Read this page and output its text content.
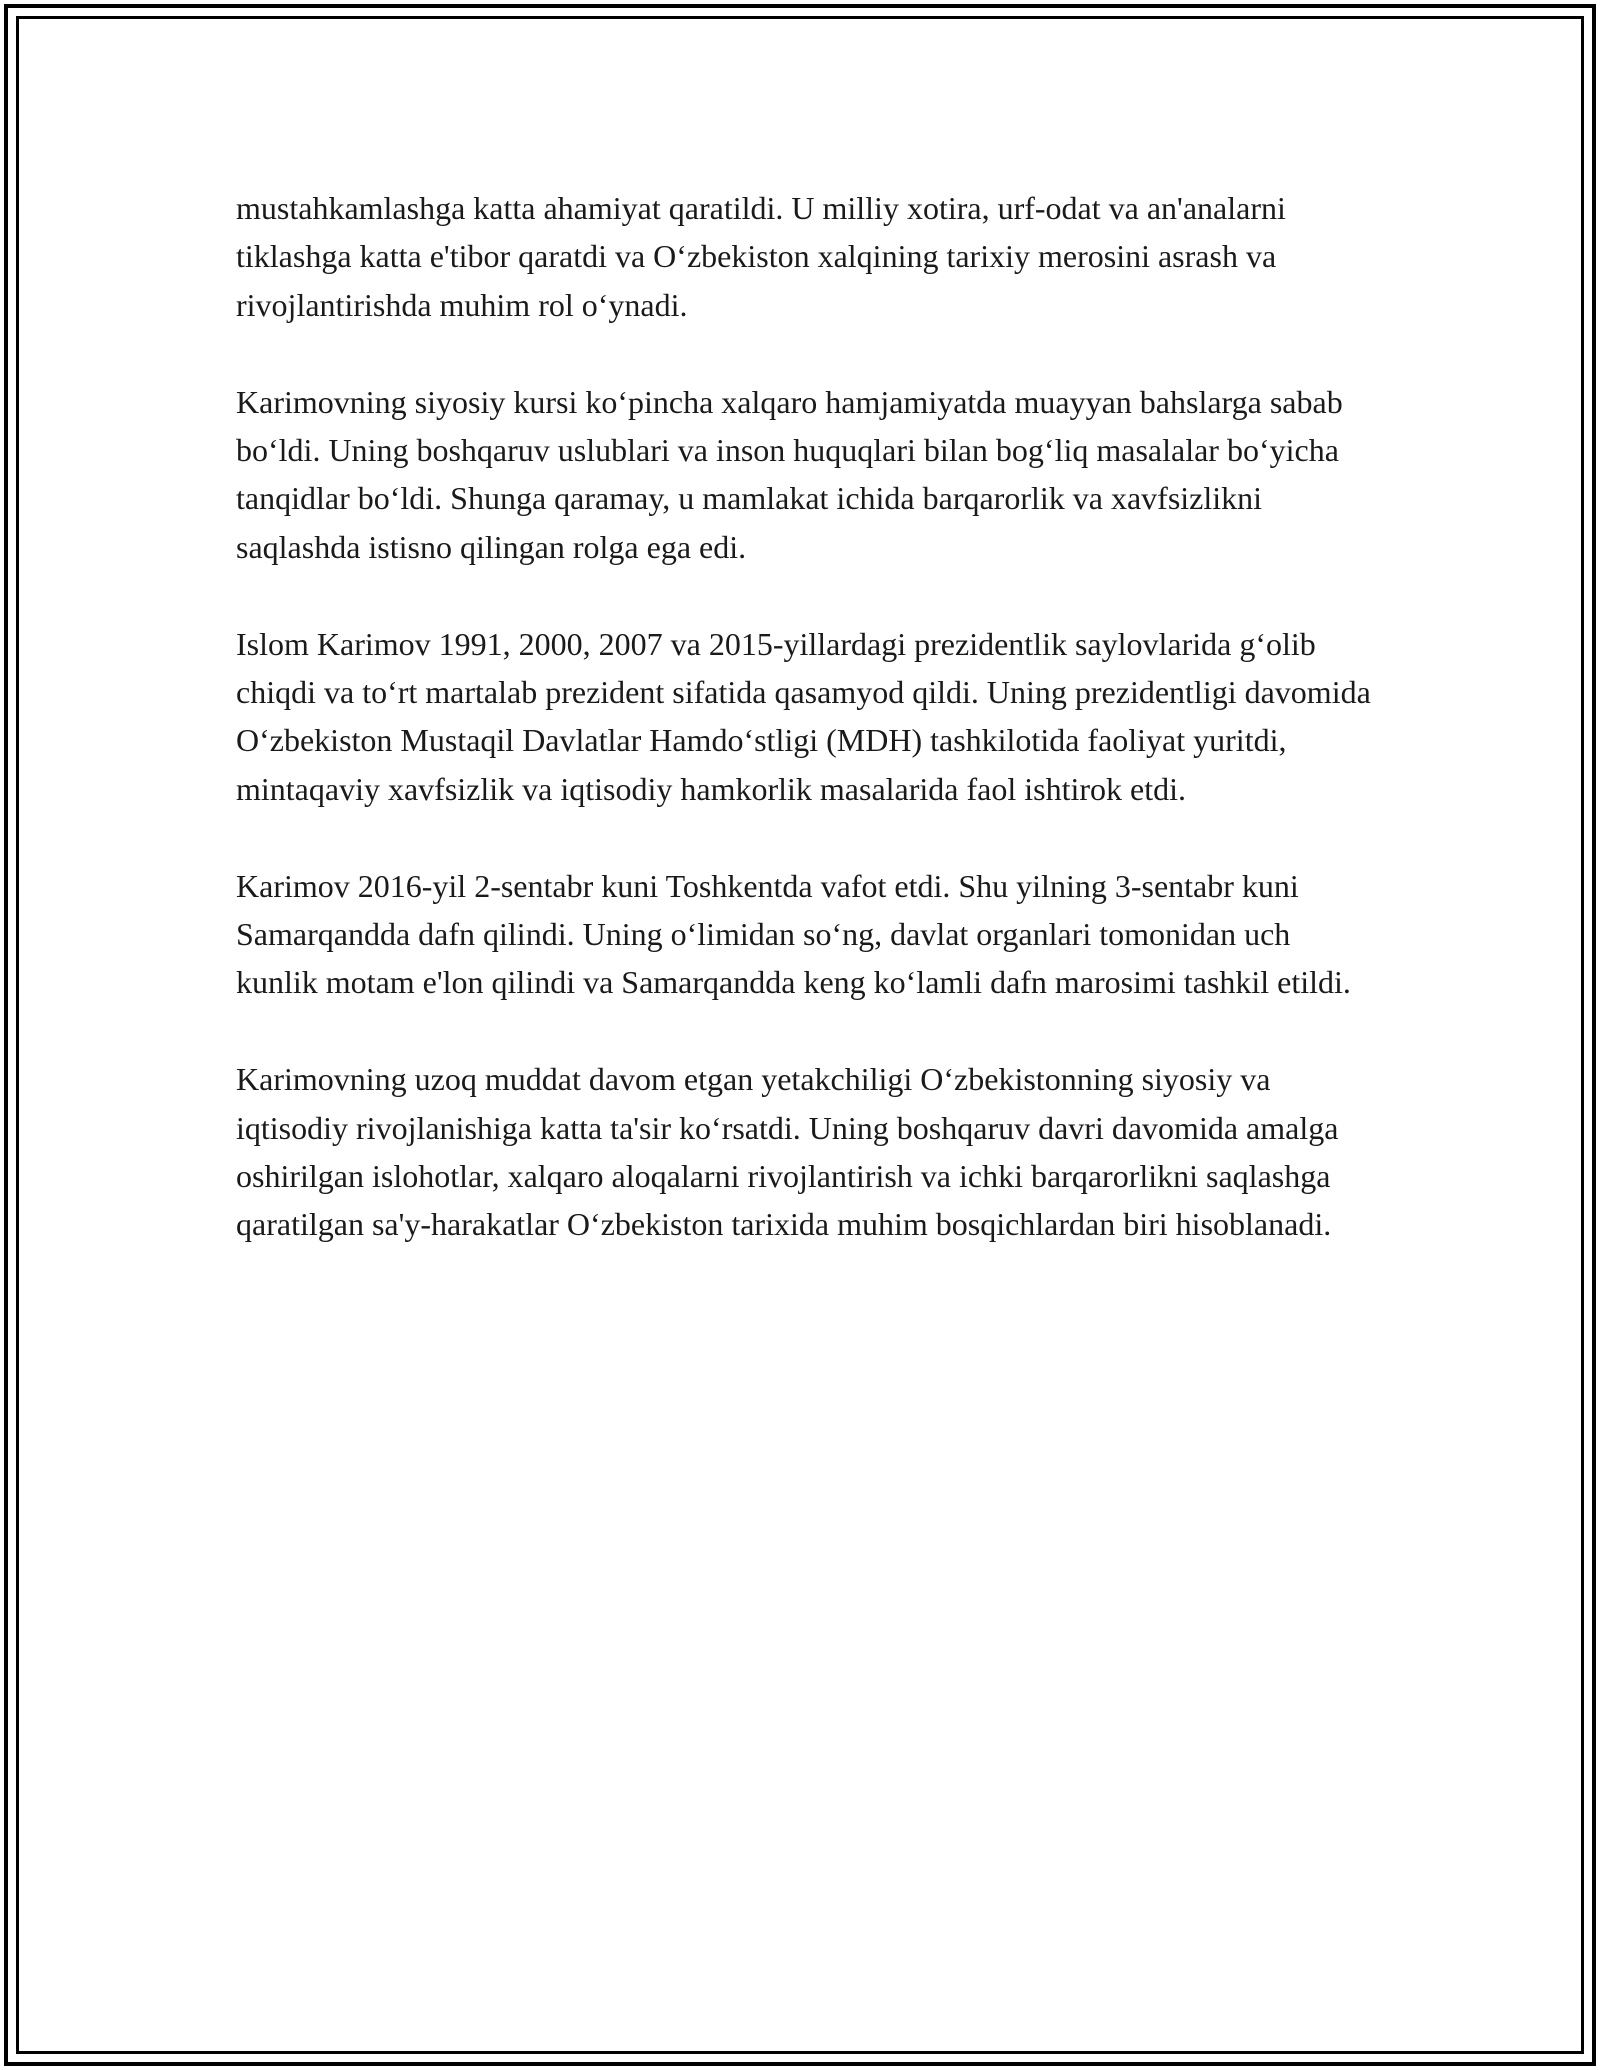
mustahkamlashga katta ahamiyat qaratildi. U milliy xotira, urf-odat va an'analarni tiklashga katta e'tibor qaratdi va O‘zbekiston xalqining tarixiy merosini asrash va rivojlantirishda muhim rol o‘ynadi.

Karimovning siyosiy kursi ko‘pincha xalqaro hamjamiyatda muayyan bahslarga sabab bo‘ldi. Uning boshqaruv uslublari va inson huquqlari bilan bog‘liq masalalar bo‘yicha tanqidlar bo‘ldi. Shunga qaramay, u mamlakat ichida barqarorlik va xavfsizlikni saqlashda istisno qilingan rolga ega edi.

Islom Karimov 1991, 2000, 2007 va 2015-yillardagi prezidentlik saylovlarida g‘olib chiqdi va to‘rt martalab prezident sifatida qasamyod qildi. Uning prezidentligi davomida O‘zbekiston Mustaqil Davlatlar Hamdo‘stligi (MDH) tashkilotida faoliyat yuritdi, mintaqaviy xavfsizlik va iqtisodiy hamkorlik masalarida faol ishtirok etdi.

Karimov 2016-yil 2-sentabr kuni Toshkentda vafot etdi. Shu yilning 3-sentabr kuni Samarqandda dafn qilindi. Uning o‘limidan so‘ng, davlat organlari tomonidan uch kunlik motam e'lon qilindi va Samarqandda keng ko‘lamli dafn marosimi tashkil etildi.

Karimovning uzoq muddat davom etgan yetakchiligi O‘zbekistonning siyosiy va iqtisodiy rivojlanishiga katta ta'sir ko‘rsatdi. Uning boshqaruv davri davomida amalga oshirilgan islohotlar, xalqaro aloqalarni rivojlantirish va ichki barqarorlikni saqlashga qaratilgan sa'y-harakatlar O‘zbekiston tarixida muhim bosqichlardan biri hisoblanadi.
